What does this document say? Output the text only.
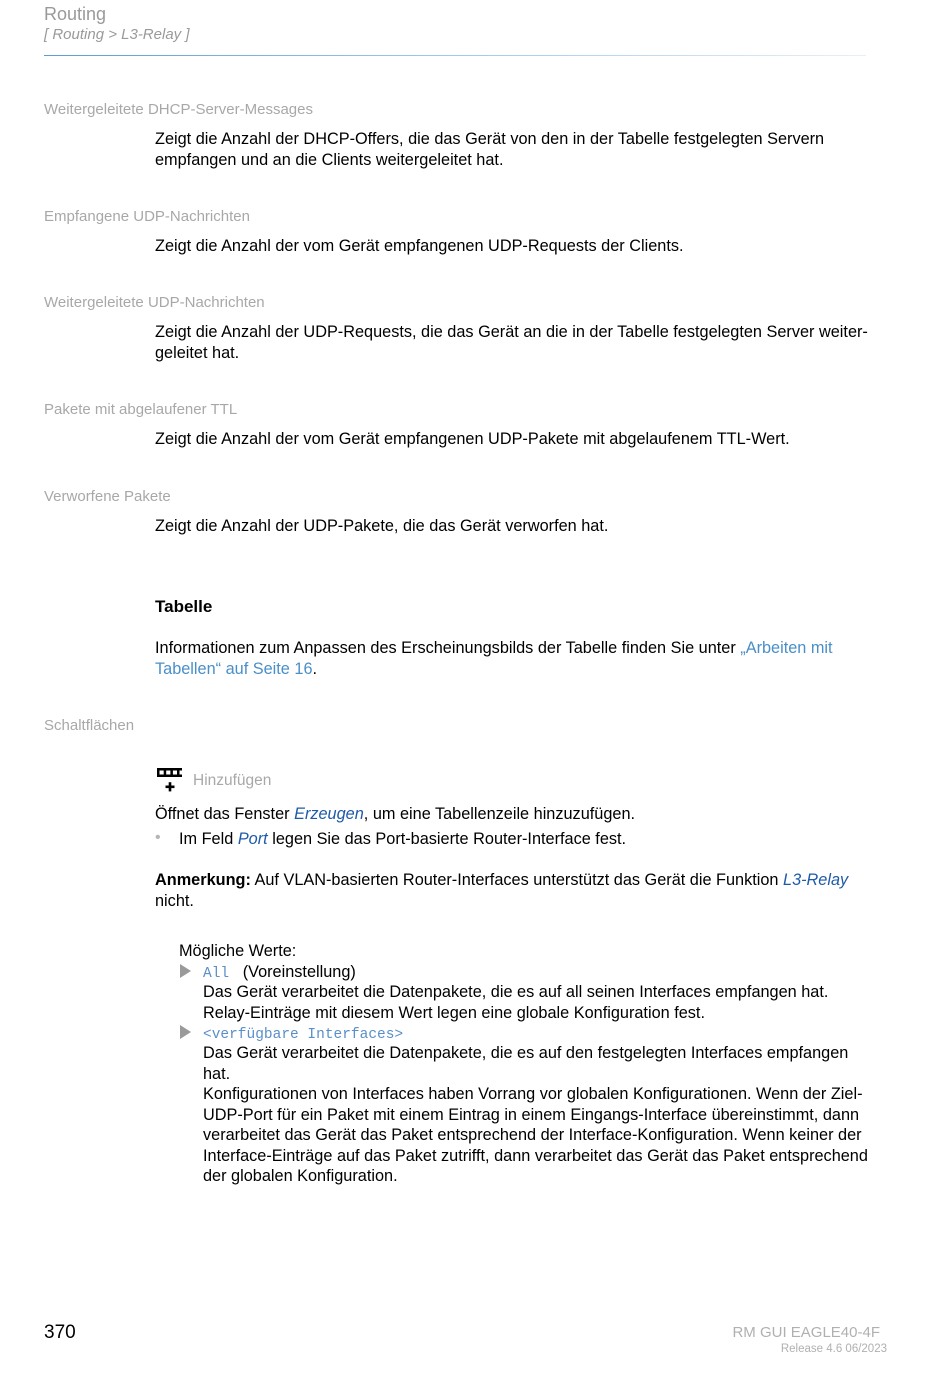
Routing
[ Routing > L3-Relay ]
Weitergeleitete DHCP-Server-Messages
Zeigt die Anzahl der DHCP-Offers, die das Gerät von den in der Tabelle festgelegten Servern empfangen und an die Clients weitergeleitet hat.
Empfangene UDP-Nachrichten
Zeigt die Anzahl der vom Gerät empfangenen UDP-Requests der Clients.
Weitergeleitete UDP-Nachrichten
Zeigt die Anzahl der UDP-Requests, die das Gerät an die in der Tabelle festgelegten Server weiter-geleitet hat.
Pakete mit abgelaufener TTL
Zeigt die Anzahl der vom Gerät empfangenen UDP-Pakete mit abgelaufenem TTL-Wert.
Verworfene Pakete
Zeigt die Anzahl der UDP-Pakete, die das Gerät verworfen hat.
Tabelle
Informationen zum Anpassen des Erscheinungsbilds der Tabelle finden Sie unter „Arbeiten mit
Tabellen“ auf Seite 16.
Schaltflächen
Hinzufügen
Öffnet das Fenster Erzeugen, um eine Tabellenzeile hinzuzufügen.
• Im Feld Port legen Sie das Port-basierte Router-Interface fest.
Anmerkung: Auf VLAN-basierten Router-Interfaces unterstützt das Gerät die Funktion L3-Relay
nicht.
Mögliche Werte:
All (Voreinstellung)
Das Gerät verarbeitet die Datenpakete, die es auf all seinen Interfaces empfangen hat.
Relay-Einträge mit diesem Wert legen eine globale Konfiguration fest.
<verfügbare Interfaces>
Das Gerät verarbeitet die Datenpakete, die es auf den festgelegten Interfaces empfangen
hat.
Konfigurationen von Interfaces haben Vorrang vor globalen Konfigurationen. Wenn der Ziel-
UDP-Port für ein Paket mit einem Eintrag in einem Eingangs-Interface übereinstimmt, dann
verarbeitet das Gerät das Paket entsprechend der Interface-Konfiguration. Wenn keiner der
Interface-Einträge auf das Paket zutrifft, dann verarbeitet das Gerät das Paket entsprechend
der globalen Konfiguration.
370	RM GUI EAGLE40-4F
Release 4.6 06/2023
